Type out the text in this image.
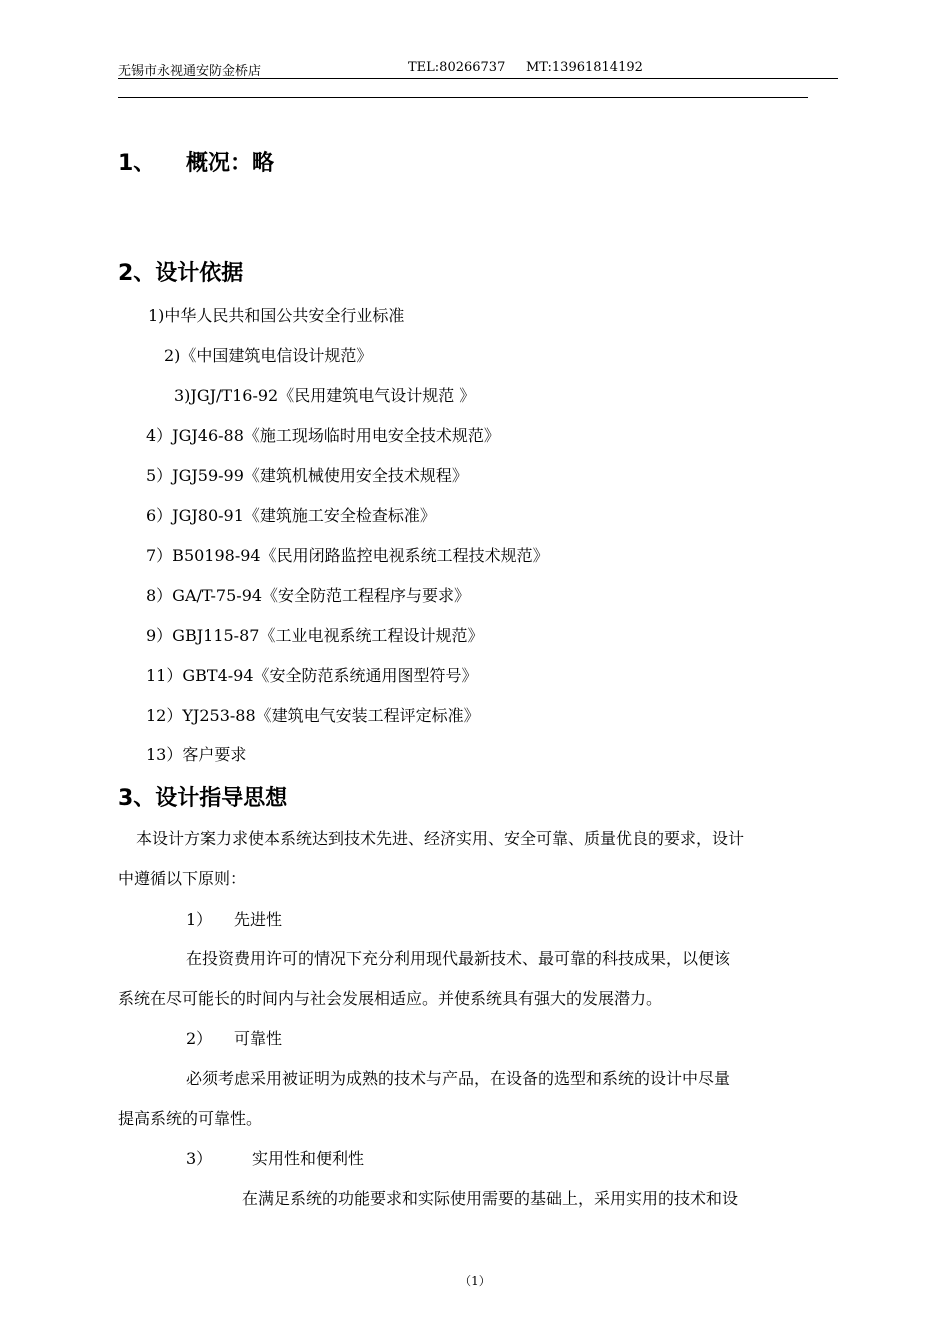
无锡市永视通安防金桥店	TEL:80266737 MT:13961814192
1、 概况：略
2、设计依据
1)中华人民共和国公共安全行业标准
2)《中国建筑电信设计规范》
3)JGJ/T16-92《民用建筑电气设计规范 》
4）JGJ46-88《施工现场临时用电安全技术规范》
5）JGJ59-99《建筑机械使用安全技术规程》
6）JGJ80-91《建筑施工安全检查标准》
7）B50198-94《民用闭路监控电视系统工程技术规范》
8）GA/T-75-94《安全防范工程程序与要求》
9）GBJ115-87《工业电视系统工程设计规范》
11）GBT4-94《安全防范系统通用图型符号》
12）YJ253-88《建筑电气安装工程评定标准》
13）客户要求
3、设计指导思想
本设计方案力求使本系统达到技术先进、经济实用、安全可靠、质量优良的要求，设计
中遵循以下原则：
1） 先进性
在投资费用许可的情况下充分利用现代最新技术、最可靠的科技成果，以便该
系统在尽可能长的时间内与社会发展相适应。并使系统具有强大的发展潜力。
2） 可靠性
必须考虑采用被证明为成熟的技术与产品，在设备的选型和系统的设计中尽量
提高系统的可靠性。
3） 实用性和便利性
在满足系统的功能要求和实际使用需要的基础上，采用实用的技术和设
（1）
